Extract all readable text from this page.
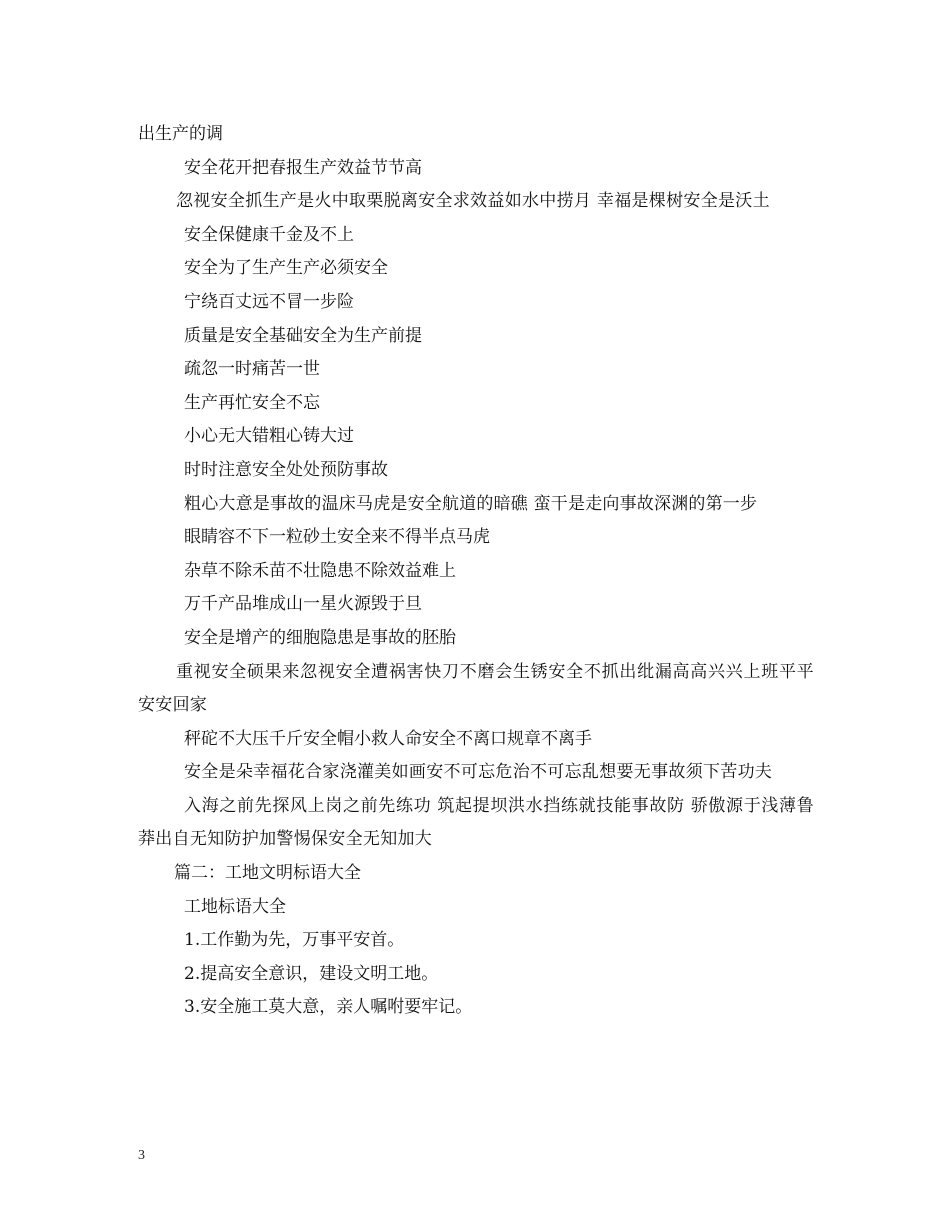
出生产的调
安全花开把春报生产效益节节高
忽视安全抓生产是火中取栗脱离安全求效益如水中捞月 幸福是棵树安全是沃土
安全保健康千金及不上
安全为了生产生产必须安全
宁绕百丈远不冒一步险
质量是安全基础安全为生产前提
疏忽一时痛苦一世
生产再忙安全不忘
小心无大错粗心铸大过
时时注意安全处处预防事故
粗心大意是事故的温床马虎是安全航道的暗礁 蛮干是走向事故深渊的第一步
眼睛容不下一粒砂土安全来不得半点马虎
杂草不除禾苗不壮隐患不除效益难上
万千产品堆成山一星火源毁于旦
安全是增产的细胞隐患是事故的胚胎
重视安全硕果来忽视安全遭祸害快刀不磨会生锈安全不抓出纰漏高高兴兴上班平平安安回家
秤砣不大压千斤安全帽小救人命安全不离口规章不离手
安全是朵幸福花合家浇灌美如画安不可忘危治不可忘乱想要无事故须下苦功夫
入海之前先探风上岗之前先练功 筑起提坝洪水挡练就技能事故防 骄傲源于浅薄鲁莽出自无知防护加警惕保安全无知加大
篇二：工地文明标语大全
工地标语大全
1.工作勤为先，万事平安首。
2.提高安全意识，建设文明工地。
3.安全施工莫大意，亲人嘱咐要牢记。
3
